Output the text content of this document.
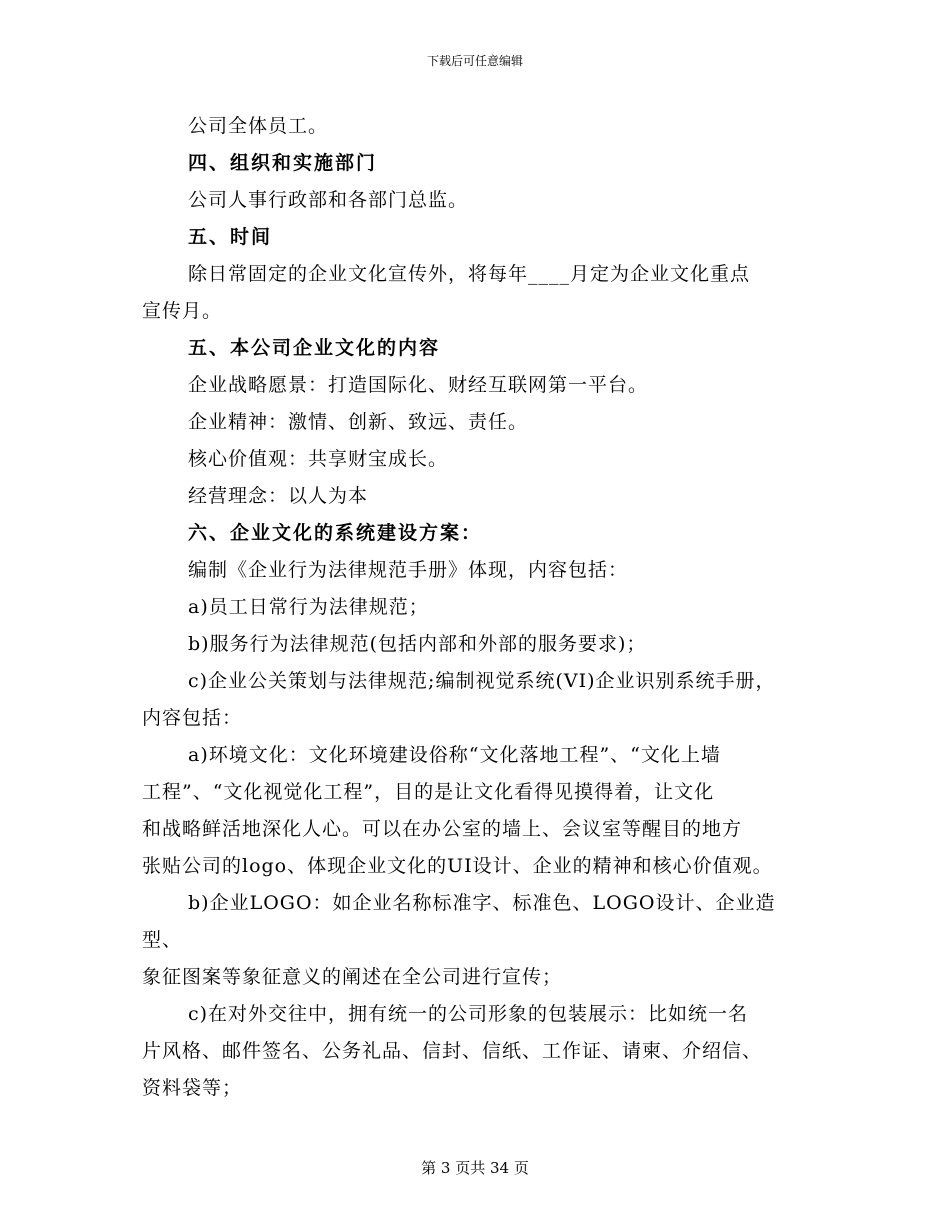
下载后可任意编辑

公司全体员工。

四、组织和实施部门

公司人事行政部和各部门总监。

五、时间

除日常固定的企业文化宣传外，将每年____月定为企业文化重点
宣传月。

五、本公司企业文化的内容

企业战略愿景：打造国际化、财经互联网第一平台。

企业精神：激情、创新、致远、责任。

核心价值观：共享财宝成长。

经营理念：以人为本

六、企业文化的系统建设方案：

编制《企业行为法律规范手册》体现，内容包括：

a)员工日常行为法律规范；

b)服务行为法律规范(包括内部和外部的服务要求)；

c)企业公关策划与法律规范;编制视觉系统(VI)企业识别系统手册，
内容包括：

a)环境文化：文化环境建设俗称“文化落地工程”、“文化上墙
工程”、“文化视觉化工程”，目的是让文化看得见摸得着，让文化
和战略鲜活地深化人心。可以在办公室的墙上、会议室等醒目的地方
张贴公司的logo、体现企业文化的UI设计、企业的精神和核心价值观。

b)企业LOGO：如企业名称标准字、标准色、LOGO设计、企业造型、
象征图案等象征意义的阐述在全公司进行宣传；

c)在对外交往中，拥有统一的公司形象的包装展示：比如统一名
片风格、邮件签名、公务礼品、信封、信纸、工作证、请柬、介绍信、
资料袋等；

第 3 页共 34 页
